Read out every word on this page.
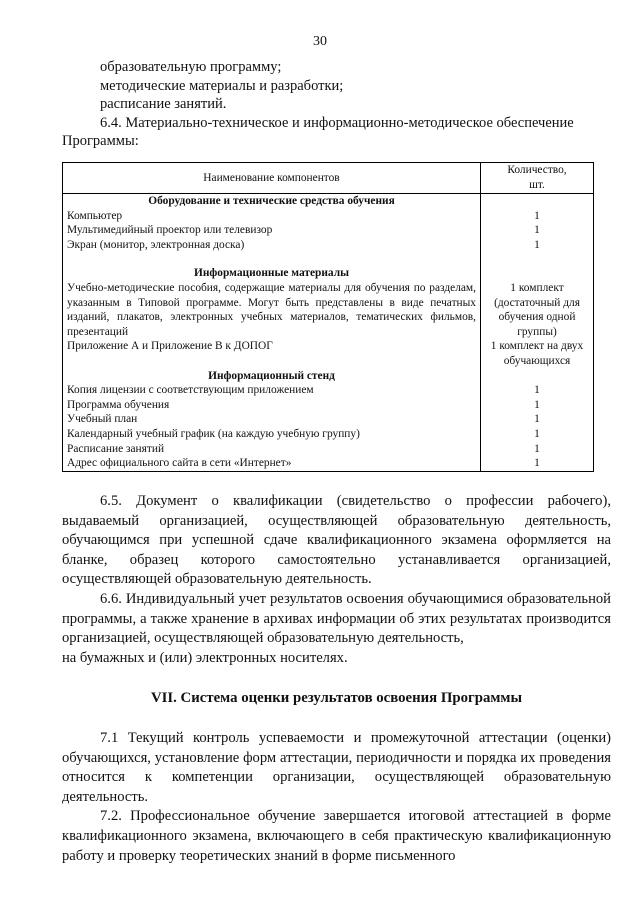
30
образовательную программу;
методические материалы и разработки;
расписание занятий.
6.4. Материально-техническое и информационно-методическое обеспечение
Программы:
Наименование компонентов	Количество,
шт.

Оборудование и технические средства обучения	
Компьютер	1
Мультимедийный проектор или телевизор	1
Экран (монитор, электронная доска)	1

Информационные материалы	
Учебно-методические пособия, содержащие материалы для обучения по разделам, указанным в Типовой программе. Могут быть представлены в виде печатных изданий, плакатов, электронных учебных материалов, тематических фильмов, презентаций	1 комплект (достаточный для обучения одной группы)
Приложение А и Приложение В к ДОПОГ	1 комплект на двух обучающихся
Информационный стенд	
Копия лицензии с соответствующим приложением	1
Программа обучения	1
Учебный план	1
Календарный учебный график (на каждую учебную группу)	1
Расписание занятий	1
Адрес официального сайта в сети «Интернет»	1

6.5. Документ о квалификации (свидетельство о профессии рабочего), выдаваемый организацией, осуществляющей образовательную деятельность, обучающимся при успешной сдаче квалификационного экзамена оформляется на бланке, образец которого самостоятельно устанавливается организацией, осуществляющей образовательную деятельность.

6.6. Индивидуальный учет результатов освоения обучающимися образовательной программы, а также хранение в архивах информации об этих результатах производится организацией, осуществляющей образовательную деятельность,

на бумажных и (или) электронных носителях.

VII. Система оценки результатов освоения Программы

7.1 Текущий контроль успеваемости и промежуточной аттестации (оценки) обучающихся, установление форм аттестации, периодичности и порядка их проведения относится к компетенции организации, осуществляющей образовательную деятельность.

7.2. Профессиональное обучение завершается итоговой аттестацией в форме квалификационного экзамена, включающего в себя практическую квалификационную работу и проверку теоретических знаний в форме письменного
